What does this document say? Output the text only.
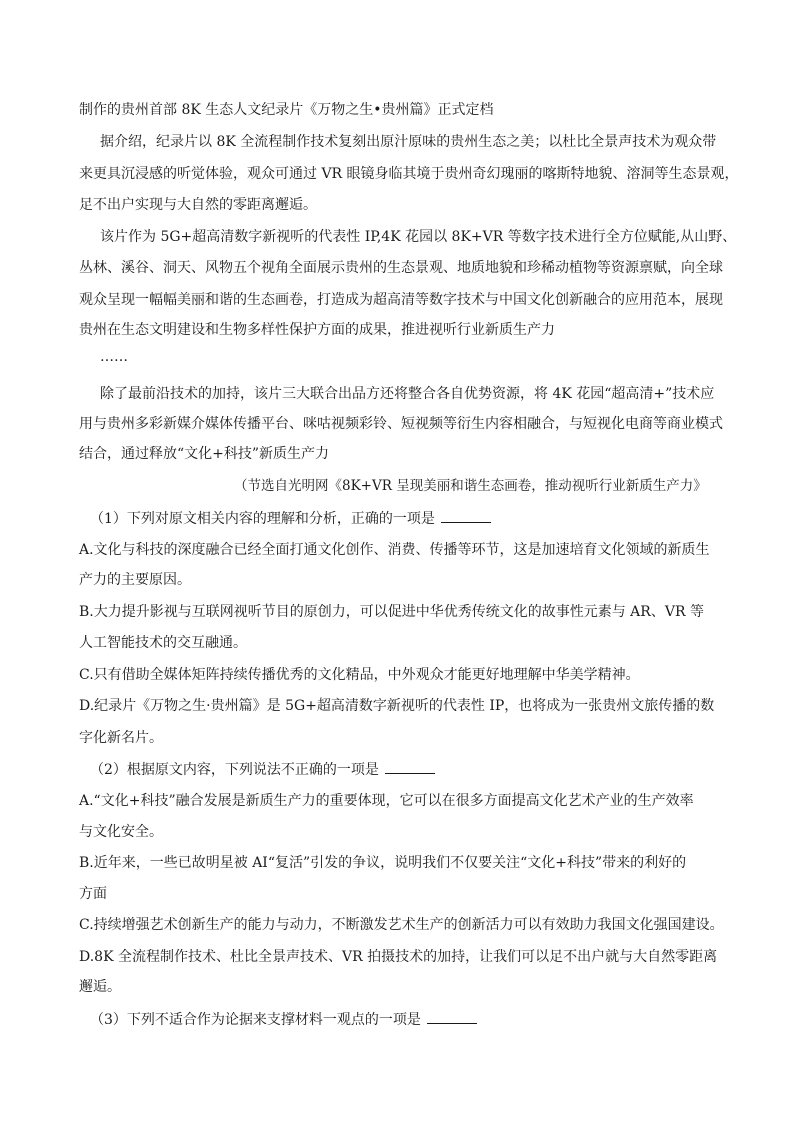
制作的贵州首部 8K 生态人文纪录片《万物之生•贵州篇》正式定档
据介绍，纪录片以 8K 全流程制作技术复刻出原汁原味的贵州生态之美；以杜比全景声技术为观众带
来更具沉浸感的听觉体验，观众可通过 VR 眼镜身临其境于贵州奇幻瑰丽的喀斯特地貌、溶洞等生态景观，
足不出户实现与大自然的零距离邂逅。
该片作为 5G+超高清数字新视听的代表性 IP,4K 花园以 8K+VR 等数字技术进行全方位赋能,从山野、
丛林、溪谷、洞天、风物五个视角全面展示贵州的生态景观、地质地貌和珍稀动植物等资源禀赋，向全球
观众呈现一幅幅美丽和谐的生态画卷，打造成为超高清等数字技术与中国文化创新融合的应用范本，展现
贵州在生态文明建设和生物多样性保护方面的成果，推进视听行业新质生产力
……
除了最前沿技术的加持，该片三大联合出品方还将整合各自优势资源，将 4K 花园“超高清+”技术应
用与贵州多彩新媒介媒体传播平台、咪咕视频彩铃、短视频等衍生内容相融合，与短视化电商等商业模式
结合，通过释放“文化+科技”新质生产力
（节选自光明网《8K+VR 呈现美丽和谐生态画卷，推动视听行业新质生产力》
（1）下列对原文相关内容的理解和分析，正确的一项是
A.文化与科技的深度融合已经全面打通文化创作、消费、传播等环节，这是加速培育文化领域的新质生
产力的主要原因。
B.大力提升影视与互联网视听节目的原创力，可以促进中华优秀传统文化的故事性元素与 AR、VR 等
人工智能技术的交互融通。
C.只有借助全媒体矩阵持续传播优秀的文化精品，中外观众才能更好地理解中华美学精神。
D.纪录片《万物之生·贵州篇》是 5G+超高清数字新视听的代表性 IP，也将成为一张贵州文旅传播的数
字化新名片。
（2）根据原文内容，下列说法不正确的一项是
A.“文化+科技”融合发展是新质生产力的重要体现，它可以在很多方面提高文化艺术产业的生产效率
与文化安全。
B.近年来，一些已故明星被 AI“复活”引发的争议，说明我们不仅要关注“文化+科技”带来的利好的
方面
C.持续增强艺术创新生产的能力与动力，不断激发艺术生产的创新活力可以有效助力我国文化强国建设。
D.8K 全流程制作技术、杜比全景声技术、VR 拍摄技术的加持，让我们可以足不出户就与大自然零距离
邂逅。
（3）下列不适合作为论据来支撑材料一观点的一项是
